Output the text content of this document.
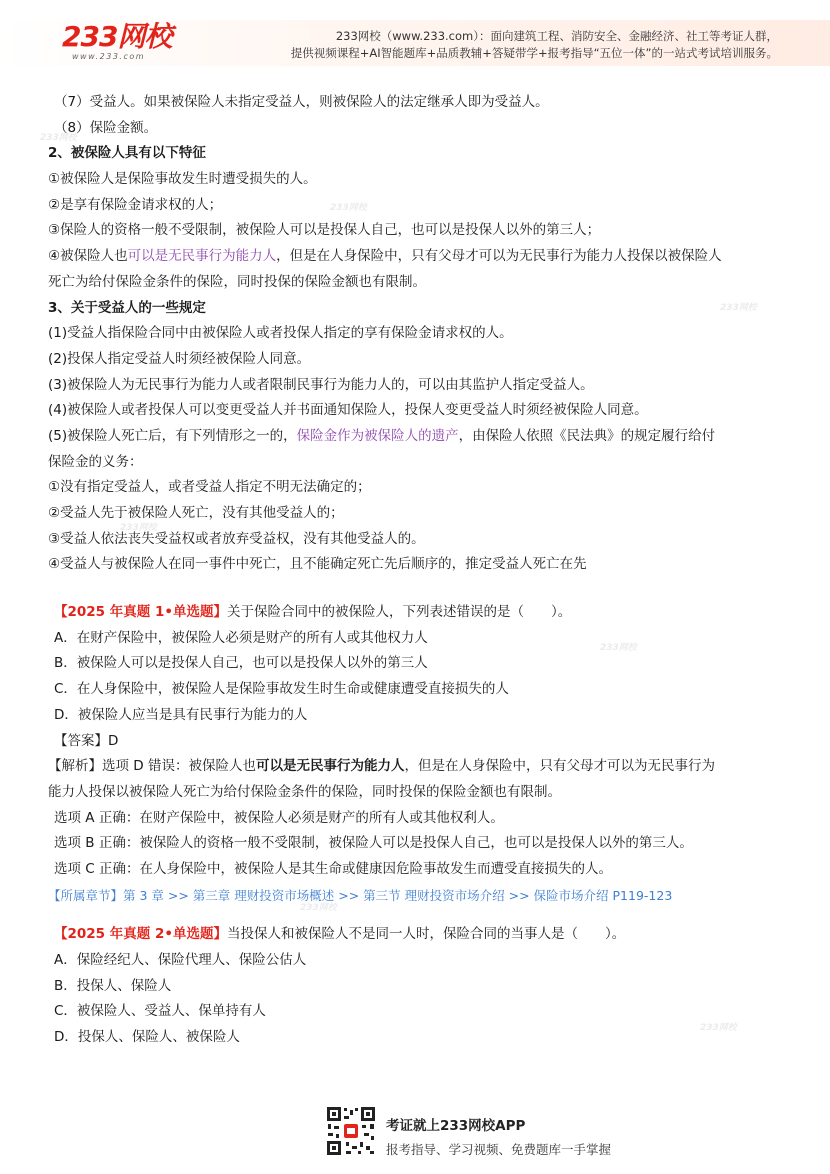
233网校
233网校
233网校
233网校
233网校
233网校
233网校
233网校
www.233.com
233网校（www.233.com）：面向建筑工程、消防安全、金融经济、社工等考证人群，
提供视频课程+AI智能题库+品质教辅+答疑带学+报考指导“五位一体”的一站式考试培训服务。
（7）受益人。如果被保险人未指定受益人，则被保险人的法定继承人即为受益人。
（8）保险金额。
2、被保险人具有以下特征
①被保险人是保险事故发生时遭受损失的人。
②是享有保险金请求权的人；
③保险人的资格一般不受限制，被保险人可以是投保人自己，也可以是投保人以外的第三人；
④被保险人也可以是无民事行为能力人，但是在人身保险中，只有父母才可以为无民事行为能力人投保以被保险人
死亡为给付保险金条件的保险，同时投保的保险金额也有限制。
3、关于受益人的一些规定
(1)受益人指保险合同中由被保险人或者投保人指定的享有保险金请求权的人。
(2)投保人指定受益人时须经被保险人同意。
(3)被保险人为无民事行为能力人或者限制民事行为能力人的，可以由其监护人指定受益人。
(4)被保险人或者投保人可以变更受益人并书面通知保险人，投保人变更受益人时须经被保险人同意。
(5)被保险人死亡后，有下列情形之一的，保险金作为被保险人的遗产，由保险人依照《民法典》的规定履行给付
保险金的义务：
①没有指定受益人，或者受益人指定不明无法确定的；
②受益人先于被保险人死亡，没有其他受益人的；
③受益人依法丧失受益权或者放弃受益权，没有其他受益人的。
④受益人与被保险人在同一事件中死亡，且不能确定死亡先后顺序的，推定受益人死亡在先
【2025 年真题 1•单选题】关于保险合同中的被保险人，下列表述错误的是（　　）。
A．在财产保险中，被保险人必须是财产的所有人或其他权力人
B．被保险人可以是投保人自己，也可以是投保人以外的第三人
C．在人身保险中，被保险人是保险事故发生时生命或健康遭受直接损失的人
D．被保险人应当是具有民事行为能力的人
【答案】D
【解析】选项 D 错误：被保险人也可以是无民事行为能力人，但是在人身保险中，只有父母才可以为无民事行为
能力人投保以被保险人死亡为给付保险金条件的保险，同时投保的保险金额也有限制。
选项 A 正确：在财产保险中，被保险人必须是财产的所有人或其他权利人。
选项 B 正确：被保险人的资格一般不受限制，被保险人可以是投保人自己，也可以是投保人以外的第三人。
选项 C 正确：在人身保险中，被保险人是其生命或健康因危险事故发生而遭受直接损失的人。
【所属章节】第 3 章 >> 第三章 理财投资市场概述 >> 第三节 理财投资市场介绍 >> 保险市场介绍 P119-123
【2025 年真题 2•单选题】当投保人和被保险人不是同一人时，保险合同的当事人是（　　）。
A．保险经纪人、保险代理人、保险公估人
B．投保人、保险人
C．被保险人、受益人、保单持有人
D．投保人、保险人、被保险人
考证就上233网校APP
报考指导、学习视频、免费题库一手掌握
